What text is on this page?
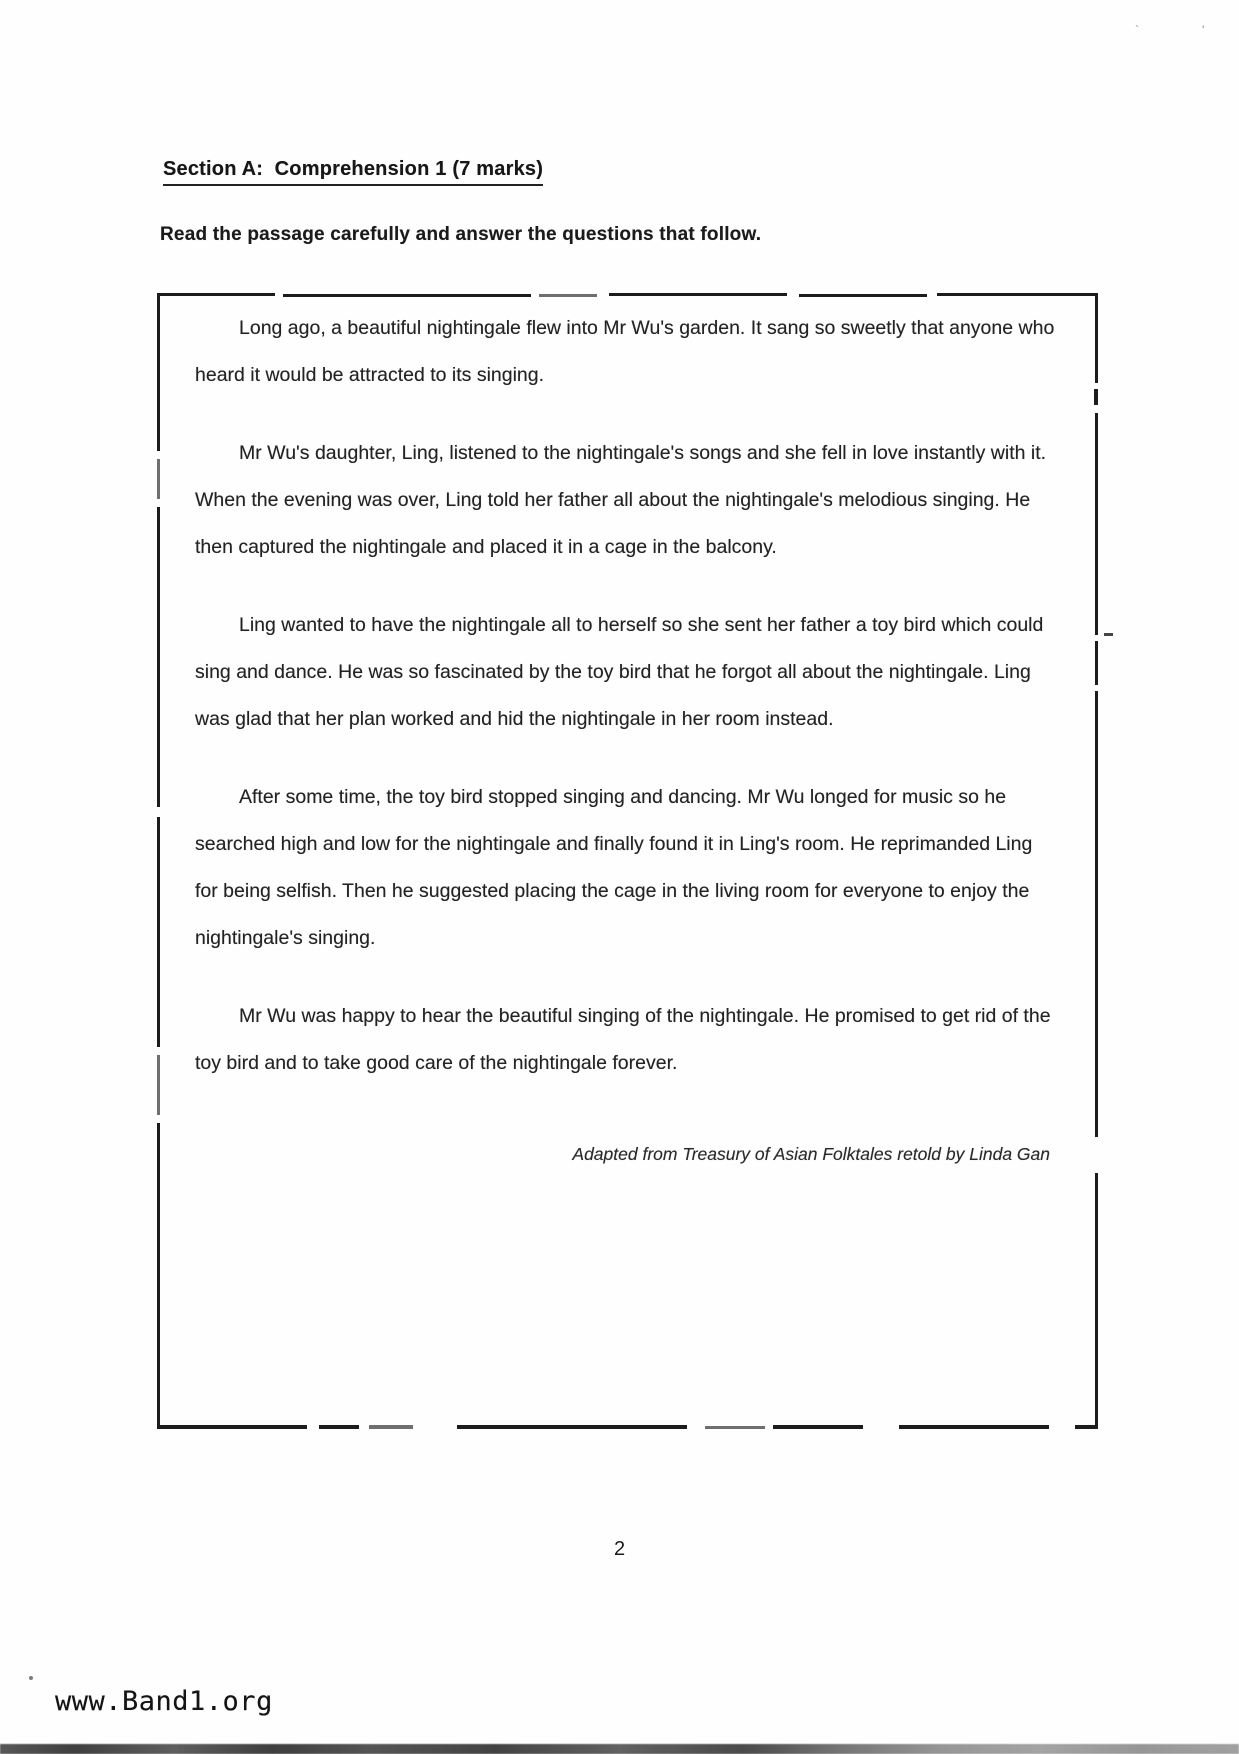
Section A:  Comprehension 1 (7 marks)
Read the passage carefully and answer the questions that follow.

Long ago, a beautiful nightingale flew into Mr Wu's garden. It sang so sweetly that anyone who heard it would be attracted to its singing.

Mr Wu's daughter, Ling, listened to the nightingale's songs and she fell in love instantly with it. When the evening was over, Ling told her father all about the nightingale's melodious singing. He then captured the nightingale and placed it in a cage in the balcony.

Ling wanted to have the nightingale all to herself so she sent her father a toy bird which could sing and dance. He was so fascinated by the toy bird that he forgot all about the nightingale. Ling was glad that her plan worked and hid the nightingale in her room instead.

After some time, the toy bird stopped singing and dancing. Mr Wu longed for music so he searched high and low for the nightingale and finally found it in Ling's room. He reprimanded Ling for being selfish. Then he suggested placing the cage in the living room for everyone to enjoy the nightingale's singing.

Mr Wu was happy to hear the beautiful singing of the nightingale. He promised to get rid of the toy bird and to take good care of the nightingale forever.

Adapted from Treasury of Asian Folktales retold by Linda Gan
`	'
2
www.Band1.org
